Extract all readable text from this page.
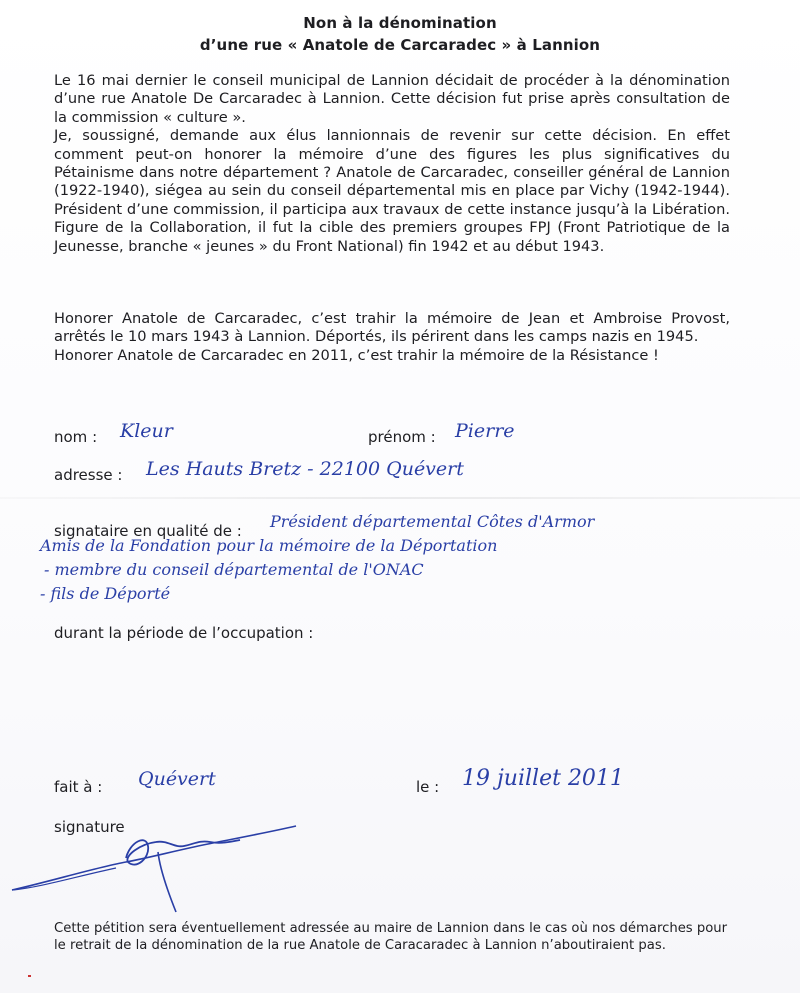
Non à la dénomination
d’une rue « Anatole de Carcaradec » à Lannion

Le 16 mai dernier le conseil municipal de Lannion décidait de procéder à la dénomination d’une rue Anatole De Carcaradec à Lannion. Cette décision fut prise après consultation de la commission « culture ».
Je, soussigné, demande aux élus lannionnais de revenir sur cette décision. En effet comment peut-on honorer la mémoire d’une des figures les plus significatives du Pétainisme dans notre département ? Anatole de Carcaradec, conseiller général de Lannion (1922-1940), siégea au sein du conseil départemental mis en place par Vichy (1942-1944). Président d’une commission, il participa aux travaux de cette instance jusqu’à la Libération. Figure de la Collaboration, il fut la cible des premiers groupes FPJ (Front Patriotique de la Jeunesse, branche « jeunes » du Front National) fin 1942 et au début 1943.

Honorer Anatole de Carcaradec, c’est trahir la mémoire de Jean et Ambroise Provost, arrêtés le 10 mars 1943 à Lannion. Déportés, ils périrent dans les camps nazis en 1945.
Honorer Anatole de Carcaradec en 2011, c’est trahir la mémoire de la Résistance !

nom : Kleur	prénom : Pierre
adresse : Les Hauts Bretz - 22100 Quévert
signataire en qualité de : Président départemental Côtes d'Armor
Amis de la Fondation pour la mémoire de la Déportation
- membre du conseil départemental de l'ONAC
- fils de Déporté
durant la période de l’occupation :
fait à : Quévert	le : 19 juillet 2011
signature

Cette pétition sera éventuellement adressée au maire de Lannion dans le cas où nos démarches pour le retrait de la dénomination de la rue Anatole de Caracaradec à Lannion n’aboutiraient pas.
